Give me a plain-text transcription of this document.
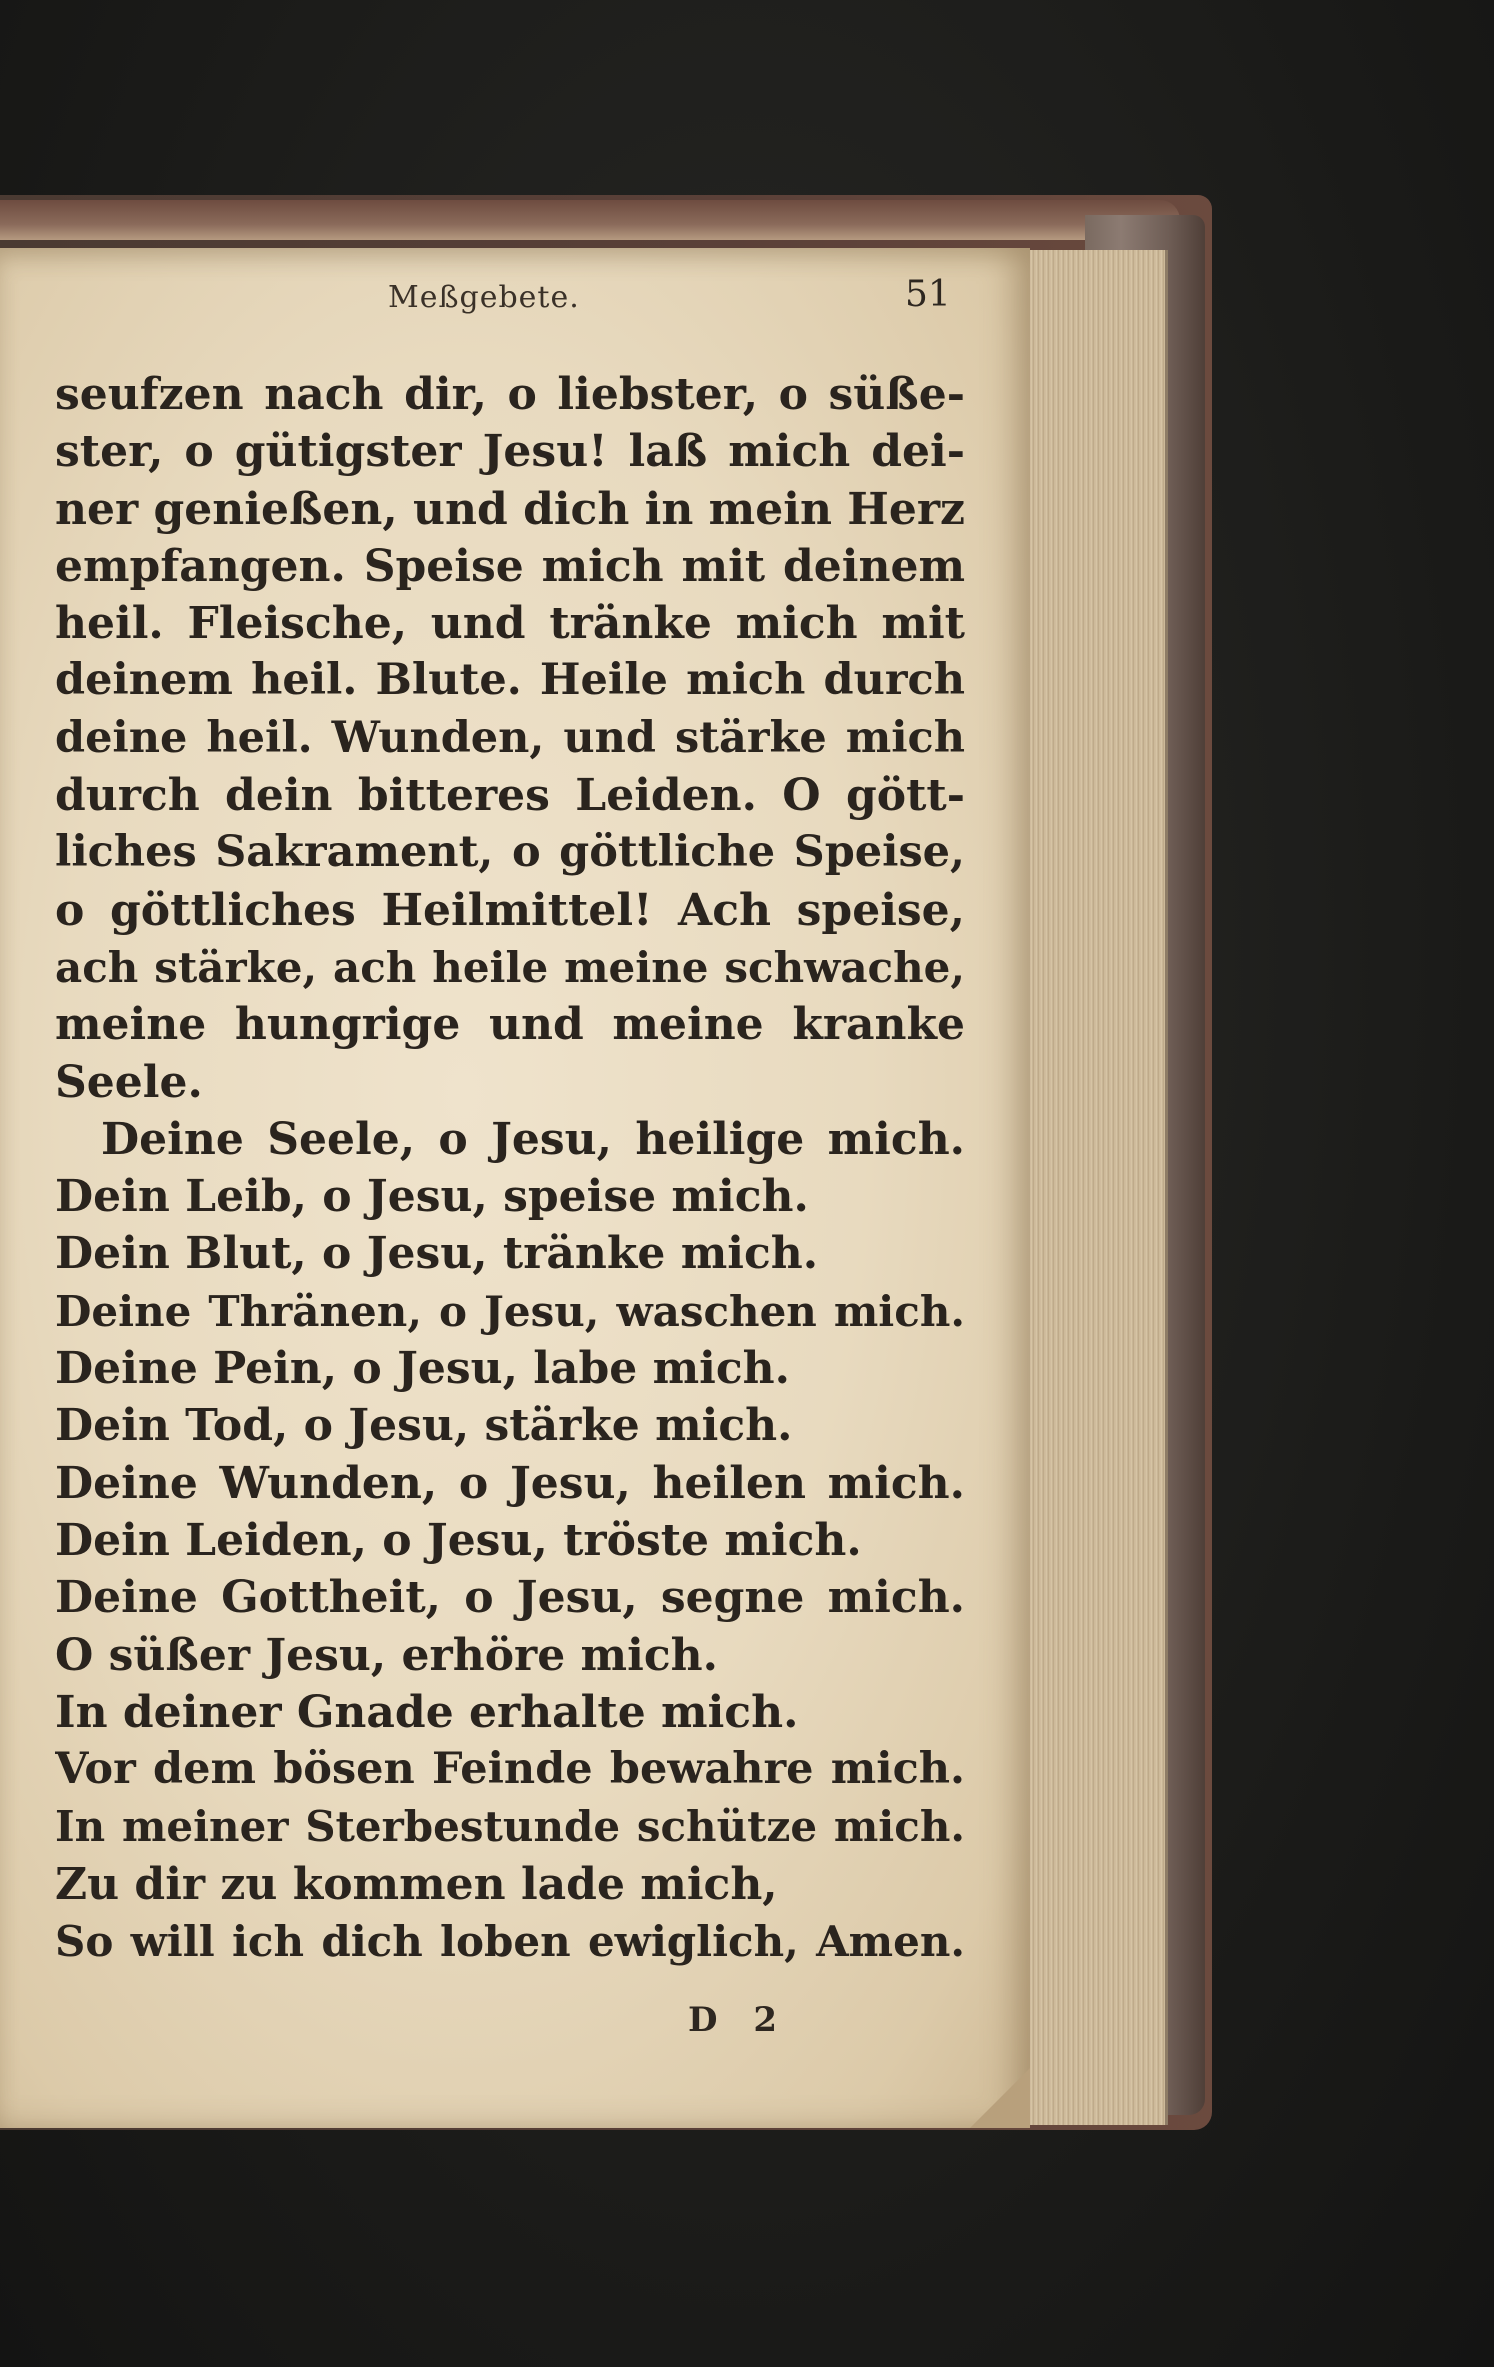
Meßgebete.	51
seufzen nach dir, o liebster, o süße-
ster, o gütigster Jesu! laß mich dei-
ner genießen, und dich in mein Herz
empfangen. Speise mich mit deinem
heil. Fleische, und tränke mich mit
deinem heil. Blute. Heile mich durch
deine heil. Wunden, und stärke mich
durch dein bitteres Leiden. O gött-
liches Sakrament, o göttliche Speise,
o göttliches Heilmittel! Ach speise,
ach stärke, ach heile meine schwache,
meine hungrige und meine kranke
Seele.
Deine Seele, o Jesu, heilige mich.
Dein Leib, o Jesu, speise mich.
Dein Blut, o Jesu, tränke mich.
Deine Thränen, o Jesu, waschen mich.
Deine Pein, o Jesu, labe mich.
Dein Tod, o Jesu, stärke mich.
Deine Wunden, o Jesu, heilen mich.
Dein Leiden, o Jesu, tröste mich.
Deine Gottheit, o Jesu, segne mich.
O süßer Jesu, erhöre mich.
In deiner Gnade erhalte mich.
Vor dem bösen Feinde bewahre mich.
In meiner Sterbestunde schütze mich.
Zu dir zu kommen lade mich,
So will ich dich loben ewiglich, Amen.
D 2
